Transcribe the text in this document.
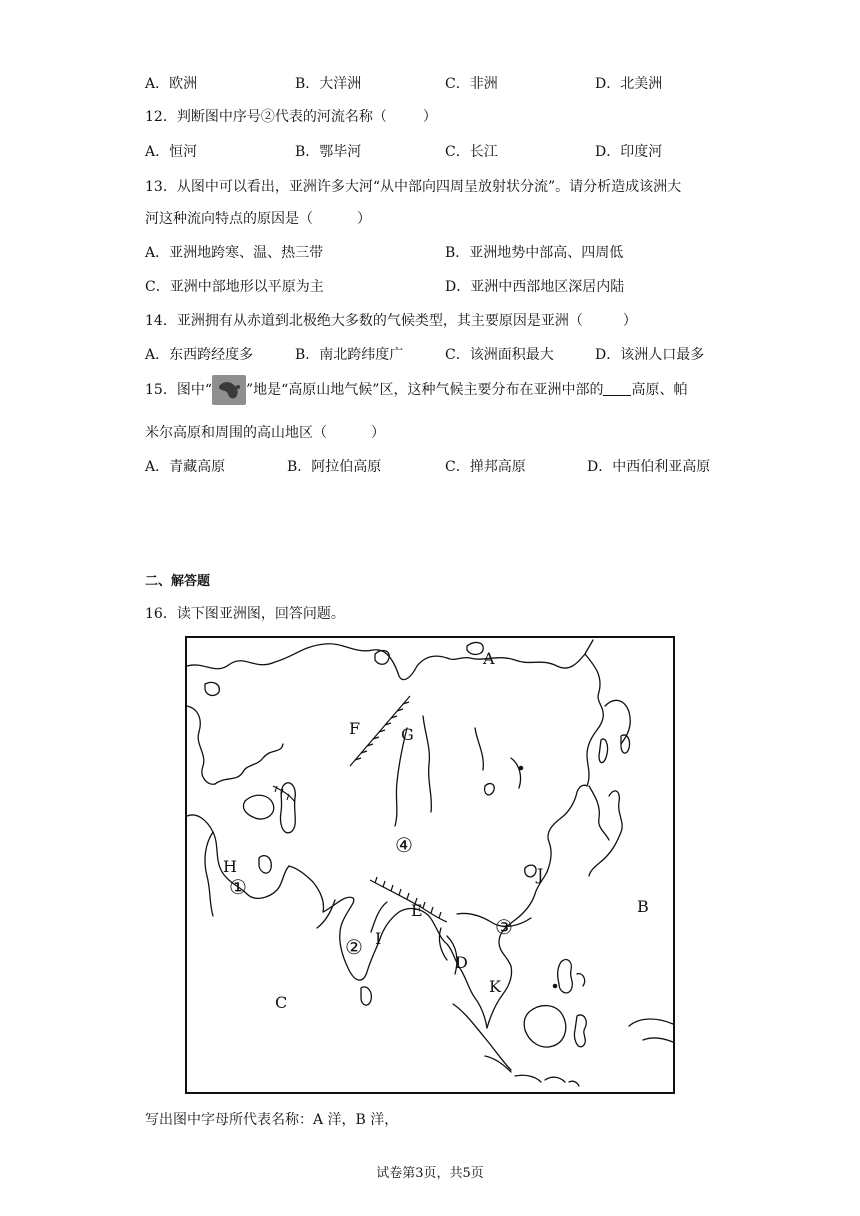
A．欧洲	B．大洋洲	C．非洲	D．北美洲
12．判断图中序号②代表的河流名称（	）
A．恒河	B．鄂毕河	C．长江	D．印度河
13．从图中可以看出，亚洲许多大河“从中部向四周呈放射状分流”。请分析造成该洲大
河这种流向特点的原因是（	）
A．亚洲地跨寒、温、热三带	B．亚洲地势中部高、四周低
C．亚洲中部地形以平原为主	D．亚洲中西部地区深居内陆
14．亚洲拥有从赤道到北极绝大多数的气候类型，其主要原因是亚洲（	）
A．东西跨经度多	B．南北跨纬度广	C．该洲面积最大	D．该洲人口最多
15．图中“ ”地是“高原山地气候”区，这种气候主要分布在亚洲中部的 高原、帕
米尔高原和周围的高山地区（	）
A．青藏高原	B．阿拉伯高原	C．掸邦高原	D．中西伯利亚高原
二、解答题
16．读下图亚洲图，回答问题。
A
B
C
D
E
F	G
H
I
J
K
①
②
③
④
写出图中字母所代表名称：A 洋，B 洋，
试卷第3页，共5页
